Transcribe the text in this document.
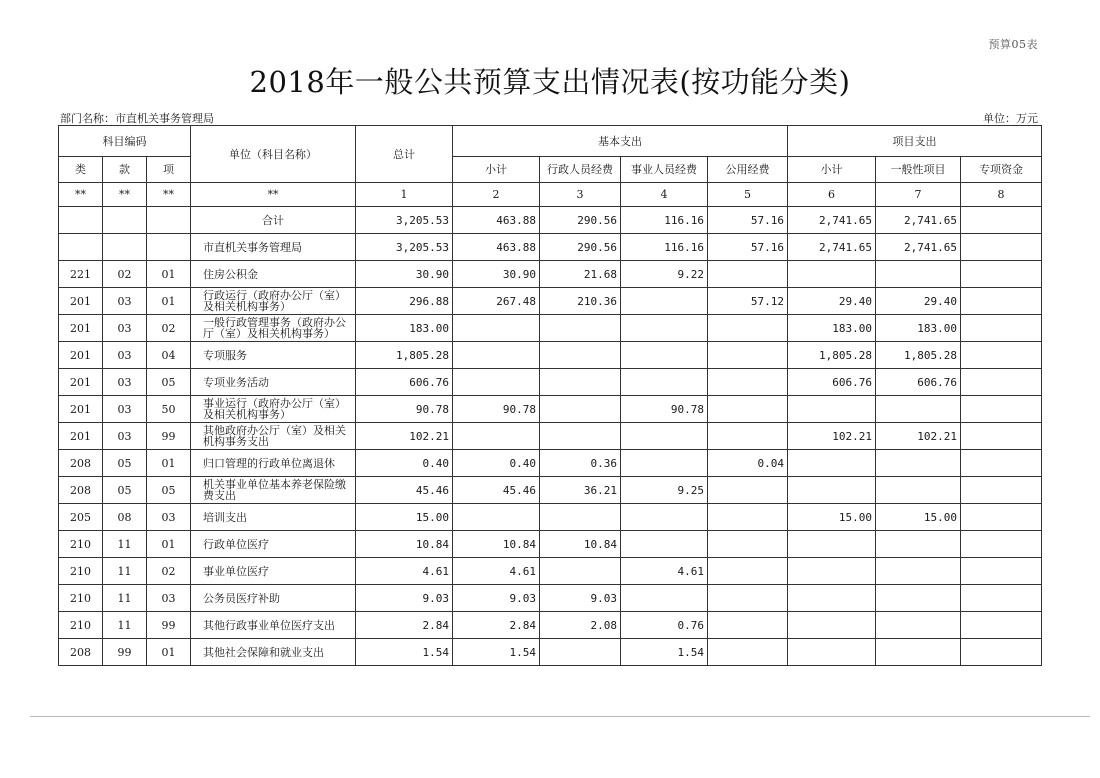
预算05表
2018年一般公共预算支出情况表(按功能分类)
部门名称：市直机关事务管理局	单位：万元
科目编码			单位（科目名称）	总计	基本支出				项目支出		
类	款	项			小计	行政人员经费	事业人员经费	公用经费	小计	一般性项目	专项资金
**	**	**	**	1	2	3	4	5	6	7	8
			合计	3,205.53	463.88	290.56	116.16	57.16	2,741.65	2,741.65	
			市直机关事务管理局	3,205.53	463.88	290.56	116.16	57.16	2,741.65	2,741.65	
221	02	01	住房公积金	30.90	30.90	21.68	9.22				
201	03	01	行政运行（政府办公厅（室）及相关机构事务）	296.88	267.48	210.36		57.12	29.40	29.40	
201	03	02	一般行政管理事务（政府办公厅（室）及相关机构事务）	183.00					183.00	183.00	
201	03	04	专项服务	1,805.28					1,805.28	1,805.28	
201	03	05	专项业务活动	606.76					606.76	606.76	
201	03	50	事业运行（政府办公厅（室）及相关机构事务）	90.78	90.78		90.78				
201	03	99	其他政府办公厅（室）及相关机构事务支出	102.21					102.21	102.21	
208	05	01	归口管理的行政单位离退休	0.40	0.40	0.36		0.04			
208	05	05	机关事业单位基本养老保险缴费支出	45.46	45.46	36.21	9.25				
205	08	03	培训支出	15.00					15.00	15.00	
210	11	01	行政单位医疗	10.84	10.84	10.84					
210	11	02	事业单位医疗	4.61	4.61		4.61				
210	11	03	公务员医疗补助	9.03	9.03	9.03					
210	11	99	其他行政事业单位医疗支出	2.84	2.84	2.08	0.76				
208	99	01	其他社会保障和就业支出	1.54	1.54		1.54				
